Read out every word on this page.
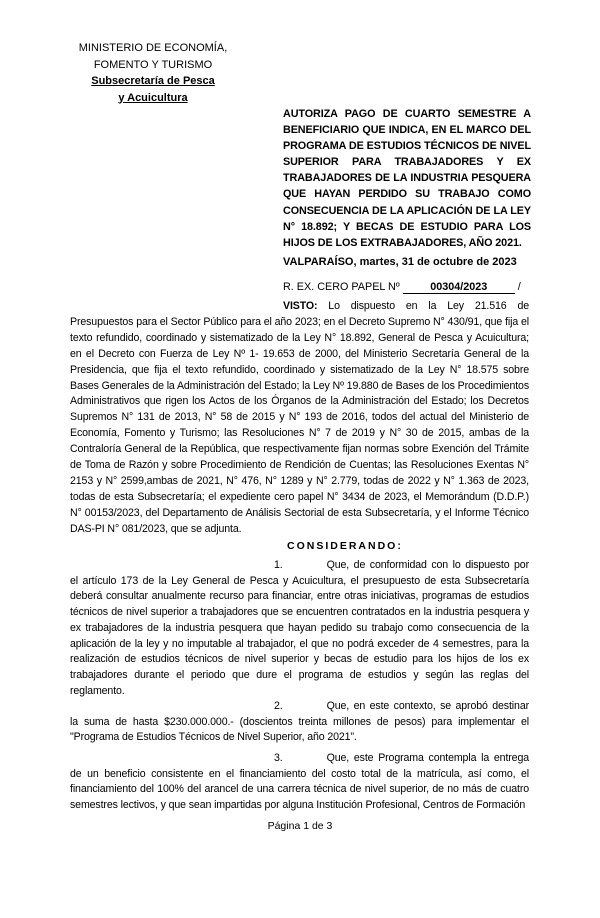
MINISTERIO DE ECONOMÍA,
FOMENTO Y TURISMO
Subsecretaría de Pesca
y Acuicultura
AUTORIZA PAGO DE CUARTO SEMESTRE A BENEFICIARIO QUE INDICA, EN EL MARCO DEL PROGRAMA DE ESTUDIOS TÉCNICOS DE NIVEL SUPERIOR PARA TRABAJADORES Y EX TRABAJADORES DE LA INDUSTRIA PESQUERA QUE HAYAN PERDIDO SU TRABAJO COMO CONSECUENCIA DE LA APLICACIÓN DE LA LEY N° 18.892; Y BECAS DE ESTUDIO PARA LOS HIJOS DE LOS EXTRABAJADORES, AÑO 2021.
VALPARAÍSO, martes, 31 de octubre de 2023
R. EX. CERO PAPEL Nº	00304/2023	/

VISTO: Lo dispuesto en la Ley 21.516 de Presupuestos para el Sector Público para el año 2023; en el Decreto Supremo N° 430/91, que fija el texto refundido, coordinado y sistematizado de la Ley N° 18.892, General de Pesca y Acuicultura; en el Decreto con Fuerza de Ley Nº 1- 19.653 de 2000, del Ministerio Secretaría General de la Presidencia, que fija el texto refundido, coordinado y sistematizado de la Ley N° 18.575 sobre Bases Generales de la Administración del Estado; la Ley Nº 19.880 de Bases de los Procedimientos Administrativos que rigen los Actos de los Órganos de la Administración del Estado; los Decretos Supremos N° 131 de 2013, N° 58 de 2015 y N° 193 de 2016, todos del actual del Ministerio de Economía, Fomento y Turismo; las Resoluciones N° 7 de 2019 y N° 30 de 2015, ambas de la Contraloría General de la República, que respectivamente fijan normas sobre Exención del Trámite de Toma de Razón y sobre Procedimiento de Rendición de Cuentas; las Resoluciones Exentas N° 2153 y N° 2599,ambas de 2021, N° 476, N° 1289 y N° 2.779, todas de 2022 y N° 1.363 de 2023, todas de esta Subsecretaría; el expediente cero papel N° 3434 de 2023, el Memorándum (D.D.P.) N° 00153/2023, del Departamento de Análisis Sectorial de esta Subsecretaría, y el Informe Técnico DAS-PI N° 081/2023, que se adjunta.

CONSIDERANDO:

1.	Que, de conformidad con lo dispuesto por el artículo 173 de la Ley General de Pesca y Acuicultura, el presupuesto de esta Subsecretaría deberá consultar anualmente recurso para financiar, entre otras iniciativas, programas de estudios técnicos de nivel superior a trabajadores que se encuentren contratados en la industria pesquera y ex trabajadores de la industria pesquera que hayan pedido su trabajo como consecuencia de la aplicación de la ley y no imputable al trabajador, el que no podrá exceder de 4 semestres, para la realización de estudios técnicos de nivel superior y becas de estudio para los hijos de los ex trabajadores durante el periodo que dure el programa de estudios y según las reglas del reglamento.

2.	Que, en este contexto, se aprobó destinar la suma de hasta $230.000.000.- (doscientos treinta millones de pesos) para implementar el "Programa de Estudios Técnicos de Nivel Superior, año 2021”.

3.	Que, este Programa contempla la entrega de un beneficio consistente en el financiamiento del costo total de la matrícula, así como, el financiamiento del 100% del arancel de una carrera técnica de nivel superior, de no más de cuatro semestres lectivos, y que sean impartidas por alguna Institución Profesional, Centros de Formación

Página 1 de 3
